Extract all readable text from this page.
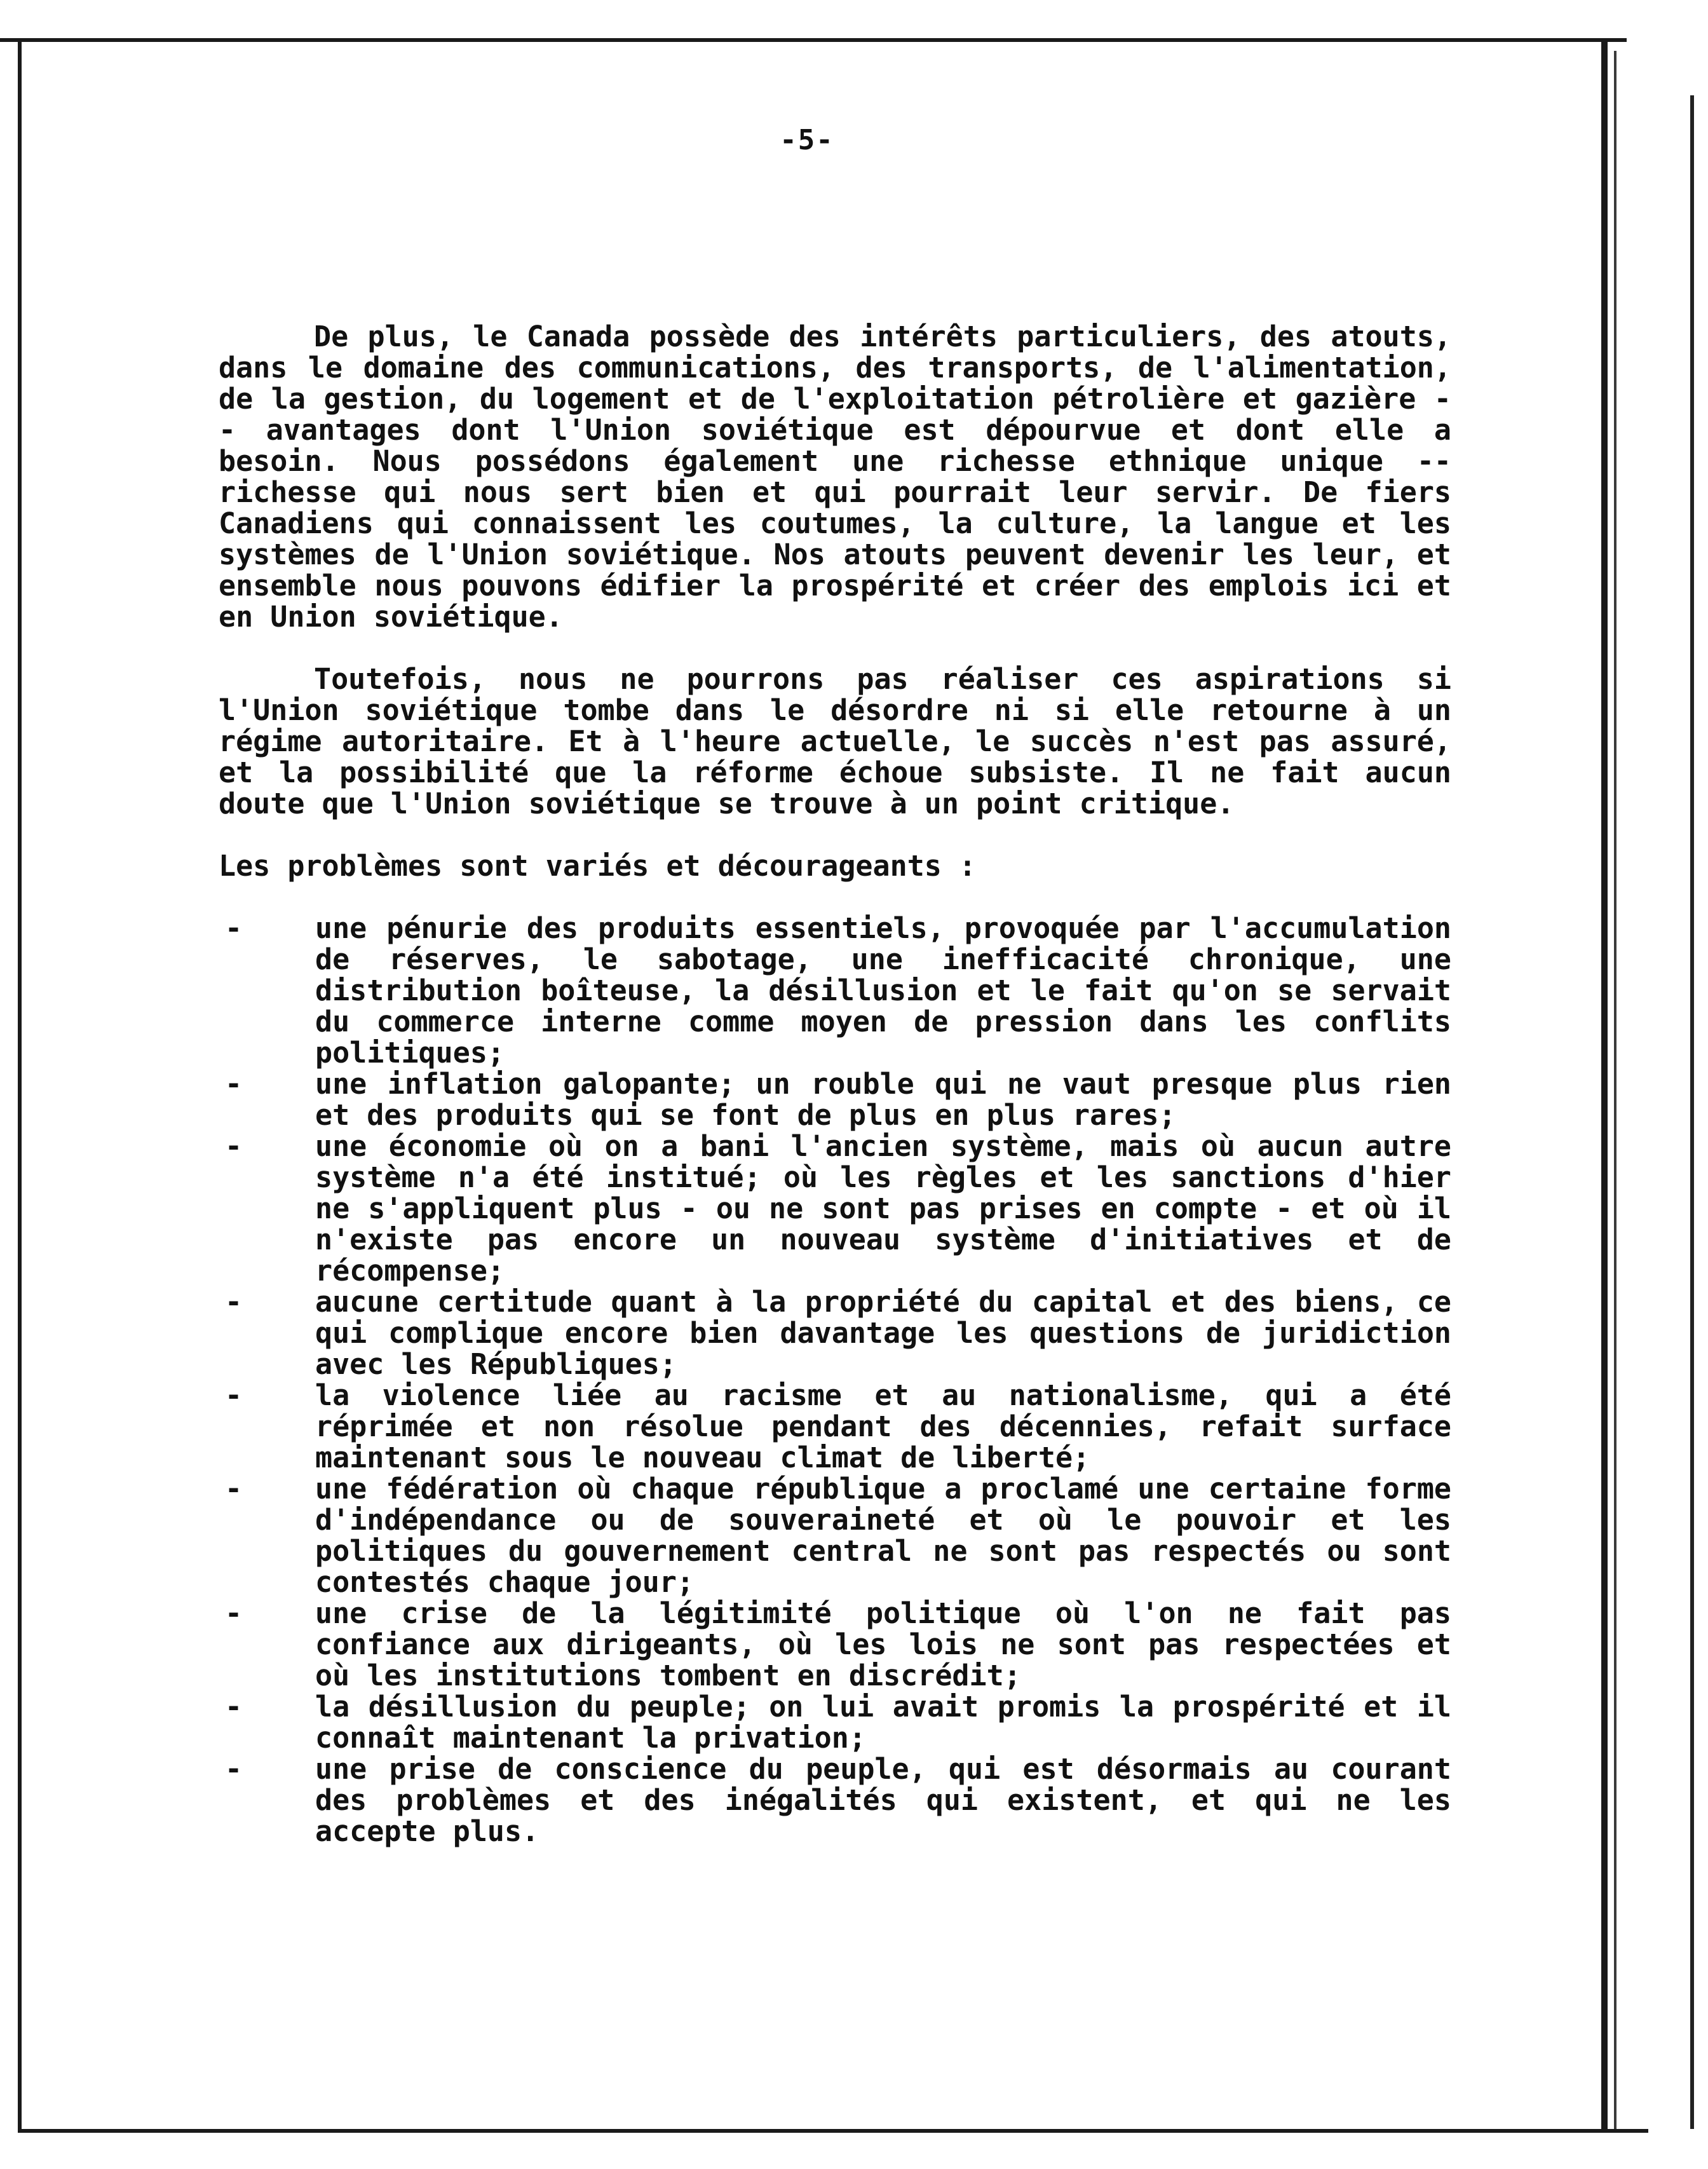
-5-

De plus, le Canada possède des intérêts particuliers, des atouts, dans le domaine des communications, des transports, de l'alimentation, de la gestion, du logement et de l'exploitation pétrolière et gazière -- avantages dont l'Union soviétique est dépourvue et dont elle a besoin. Nous possédons également une richesse ethnique unique -- richesse qui nous sert bien et qui pourrait leur servir. De fiers Canadiens qui connaissent les coutumes, la culture, la langue et les systèmes de l'Union soviétique. Nos atouts peuvent devenir les leur, et ensemble nous pouvons édifier la prospérité et créer des emplois ici et en Union soviétique.

Toutefois, nous ne pourrons pas réaliser ces aspirations si l'Union soviétique tombe dans le désordre ni si elle retourne à un régime autoritaire. Et à l'heure actuelle, le succès n'est pas assuré, et la possibilité que la réforme échoue subsiste. Il ne fait aucun doute que l'Union soviétique se trouve à un point critique.

Les problèmes sont variés et décourageants :

-	une pénurie des produits essentiels, provoquée par l'accumulation de réserves, le sabotage, une inefficacité chronique, une distribution boîteuse, la désillusion et le fait qu'on se servait du commerce interne comme moyen de pression dans les conflits politiques;
-	une inflation galopante; un rouble qui ne vaut presque plus rien et des produits qui se font de plus en plus rares;
-	une économie où on a bani l'ancien système, mais où aucun autre système n'a été institué; où les règles et les sanctions d'hier ne s'appliquent plus - ou ne sont pas prises en compte - et où il n'existe pas encore un nouveau système d'initiatives et de récompense;
-	aucune certitude quant à la propriété du capital et des biens, ce qui complique encore bien davantage les questions de juridiction avec les Républiques;
-	la violence liée au racisme et au nationalisme, qui a été réprimée et non résolue pendant des décennies, refait surface maintenant sous le nouveau climat de liberté;
-	une fédération où chaque république a proclamé une certaine forme d'indépendance ou de souveraineté et où le pouvoir et les politiques du gouvernement central ne sont pas respectés ou sont contestés chaque jour;
-	une crise de la légitimité politique où l'on ne fait pas confiance aux dirigeants, où les lois ne sont pas respectées et où les institutions tombent en discrédit;
-	la désillusion du peuple; on lui avait promis la prospérité et il connaît maintenant la privation;
-	une prise de conscience du peuple, qui est désormais au courant des problèmes et des inégalités qui existent, et qui ne les accepte plus.
